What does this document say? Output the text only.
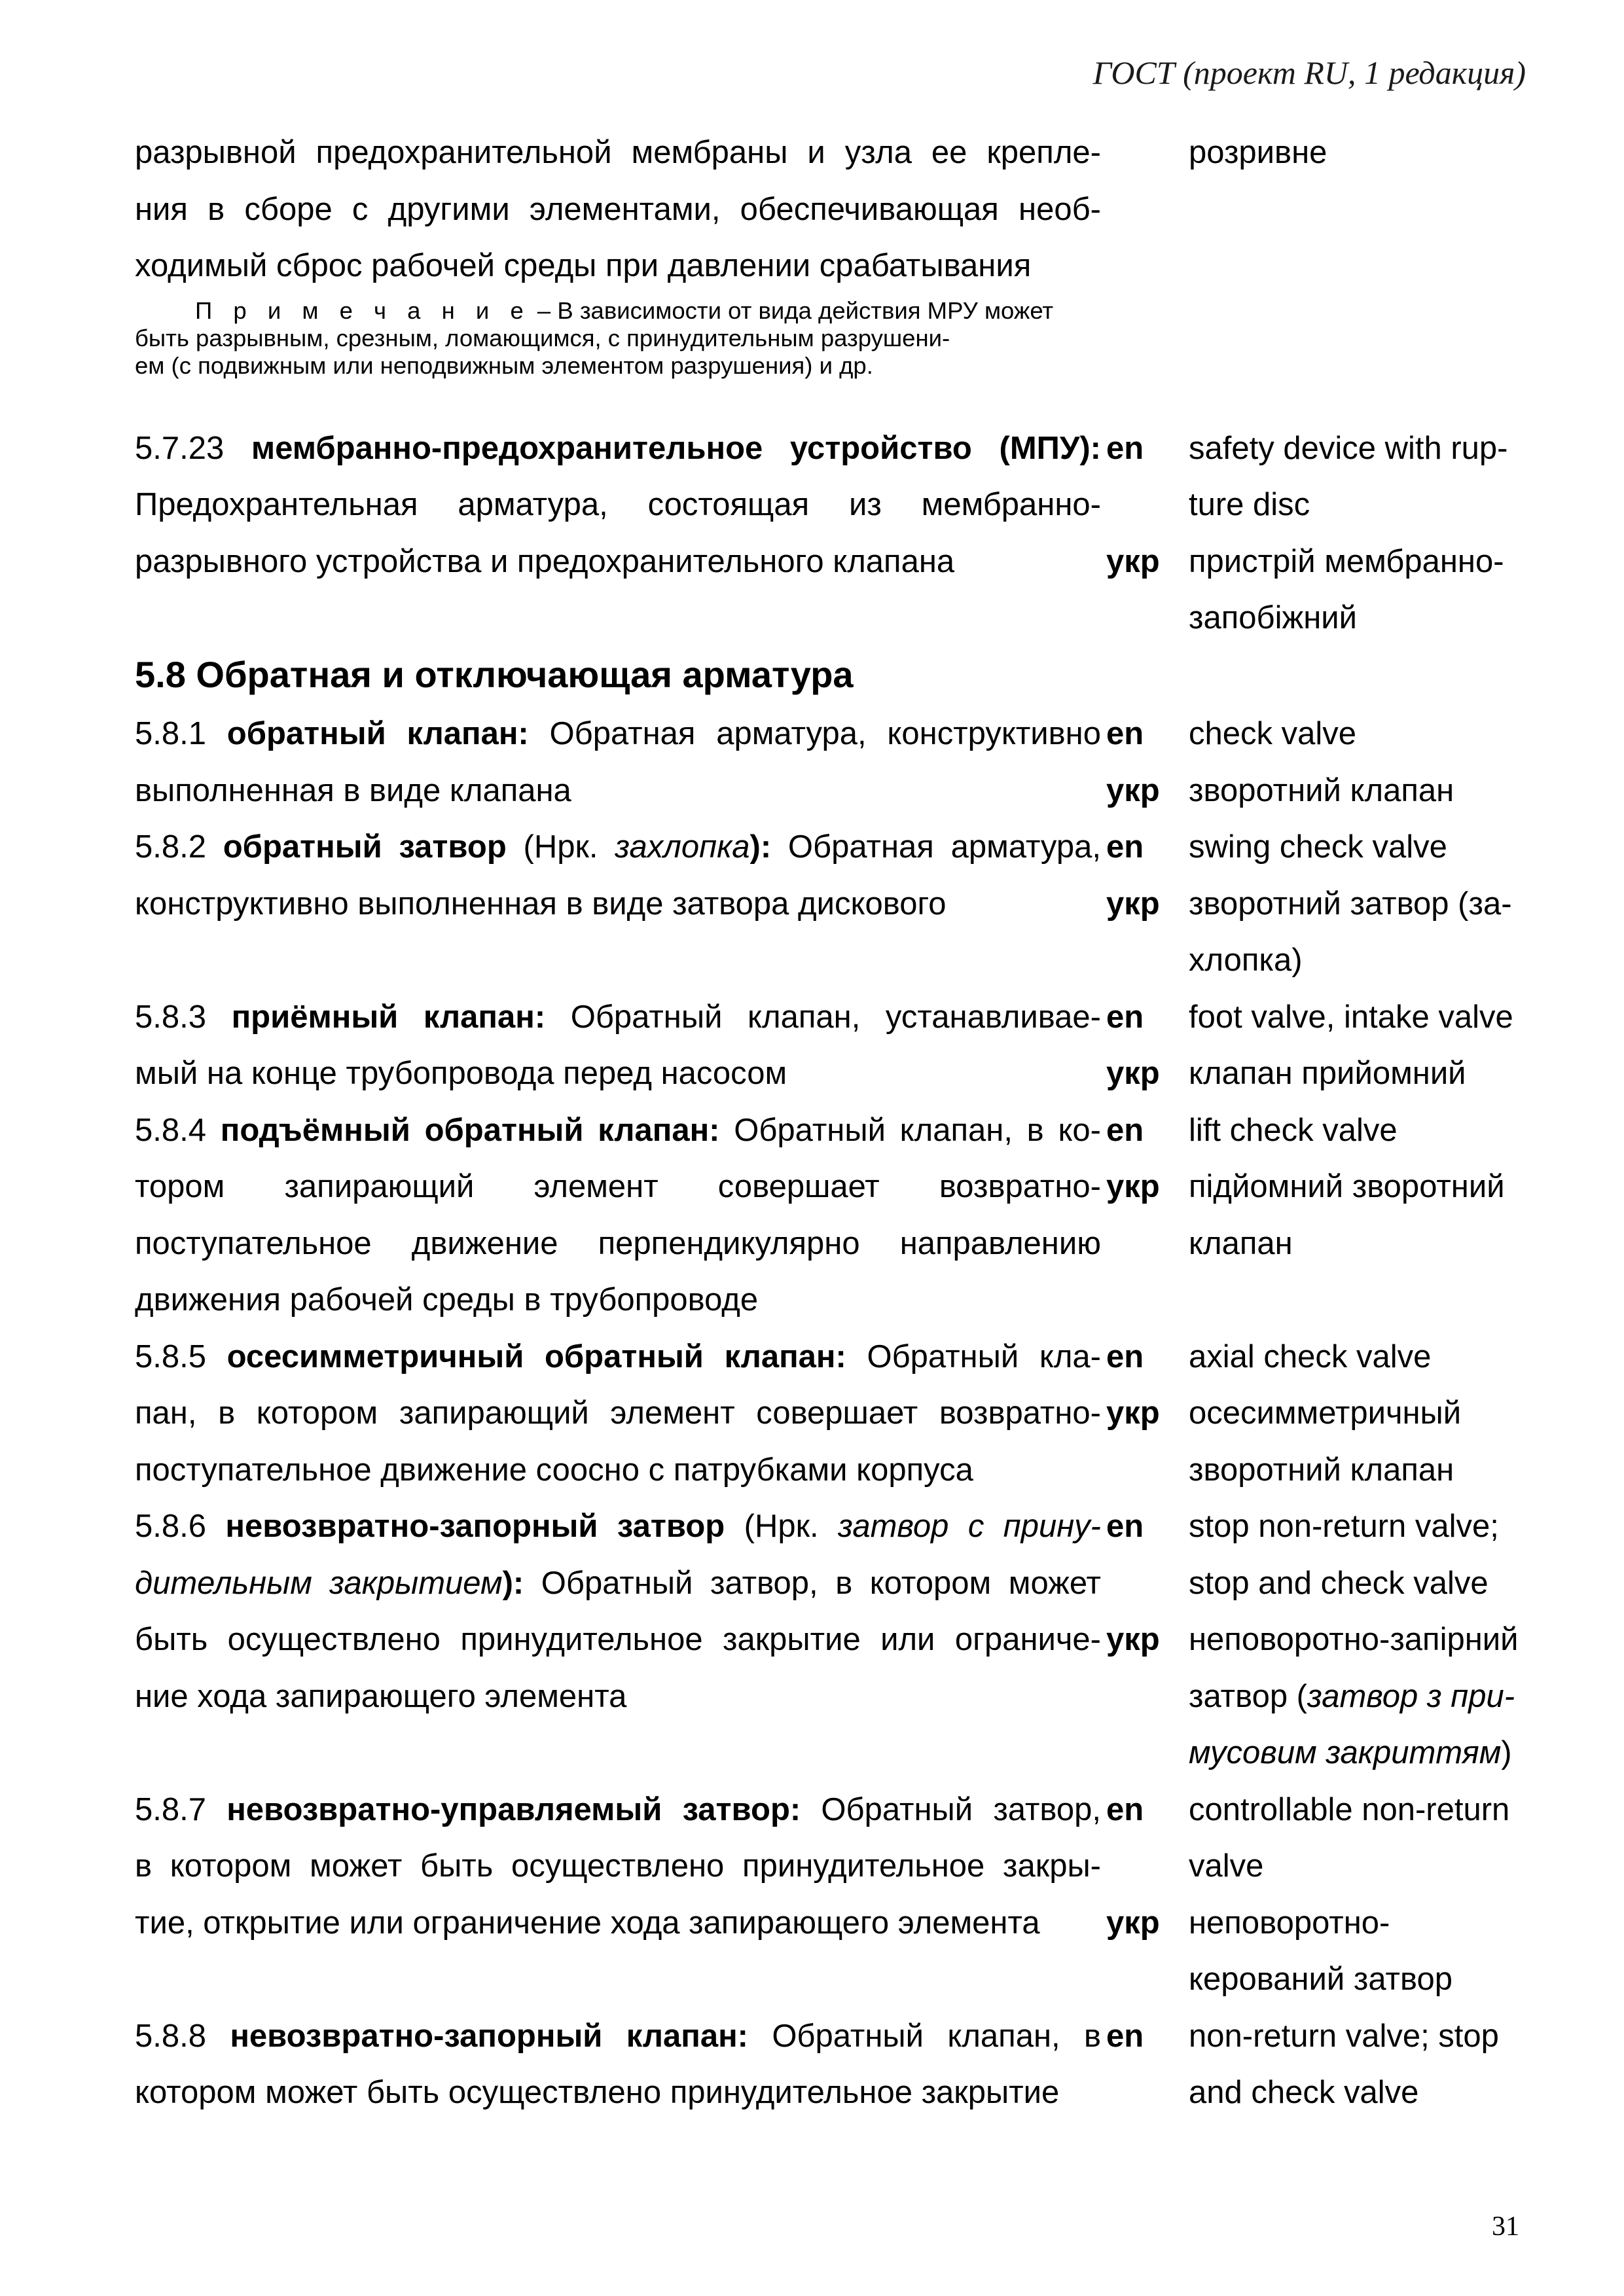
ГОСТ (проект RU, 1 редакция)
разрывной предохранительной мембраны и узла ее крепле-	розривне
ния в сборе с другими элементами, обеспечивающая необ-
ходимый сброс рабочей среды при давлении срабатывания
П р и м е ч а н и е – В зависимости от вида действия МРУ может
быть разрывным, срезным, ломающимся, с принудительным разрушени-
ем (с подвижным или неподвижным элементом разрушения) и др.
5.7.23 мембранно-предохранительное устройство (МПУ): en	safety device with rup-
Предохрантельная арматура, состоящая из мембранно-	ture disc
разрывного устройства и предохранительного клапана	укр пристрій мембранно-
запобіжний
5.8 Обратная и отключающая арматура
5.8.1 обратный клапан: Обратная арматура, конструктивно en	check valve
выполненная в виде клапана	укр зворотний клапан
5.8.2 обратный затвор (Нрк. захлопка): Обратная арматура, en	swing check valve
конструктивно выполненная в виде затвора дискового	укр зворотний затвор (за-
хлопка)
5.8.3 приёмный клапан: Обратный клапан, устанавливае- en	foot valve, intake valve
мый на конце трубопровода перед насосом	укр клапан прийомний
5.8.4 подъёмный обратный клапан: Обратный клапан, в ко- en	lift check valve
тором запирающий элемент совершает возвратно- укр підйомний зворотний
поступательное движение перпендикулярно направлению	клапан
движения рабочей среды в трубопроводе
5.8.5 осесимметричный обратный клапан: Обратный кла- en	axial check valve
пан, в котором запирающий элемент совершает возвратно- укр осесимметричный
поступательное движение соосно с патрубками корпуса	зворотний клапан
5.8.6 невозвратно-запорный затвор (Нрк. затвор с прину- en	stop non-return valve;
дительным закрытием): Обратный затвор, в котором может	stop and check valve
быть осуществлено принудительное закрытие или ограниче- укр неповоротно-запірний
ние хода запирающего элемента	затвор (затвор з при-
мусовим закриттям)
5.8.7 невозвратно-управляемый затвор: Обратный затвор, en	controllable non-return
в котором может быть осуществлено принудительное закры-	valve
тие, открытие или ограничение хода запирающего элемента	укр неповоротно-
керований затвор
5.8.8 невозвратно-запорный клапан: Обратный клапан, в en	non-return valve; stop
котором может быть осуществлено принудительное закрытие	and check valve
31
